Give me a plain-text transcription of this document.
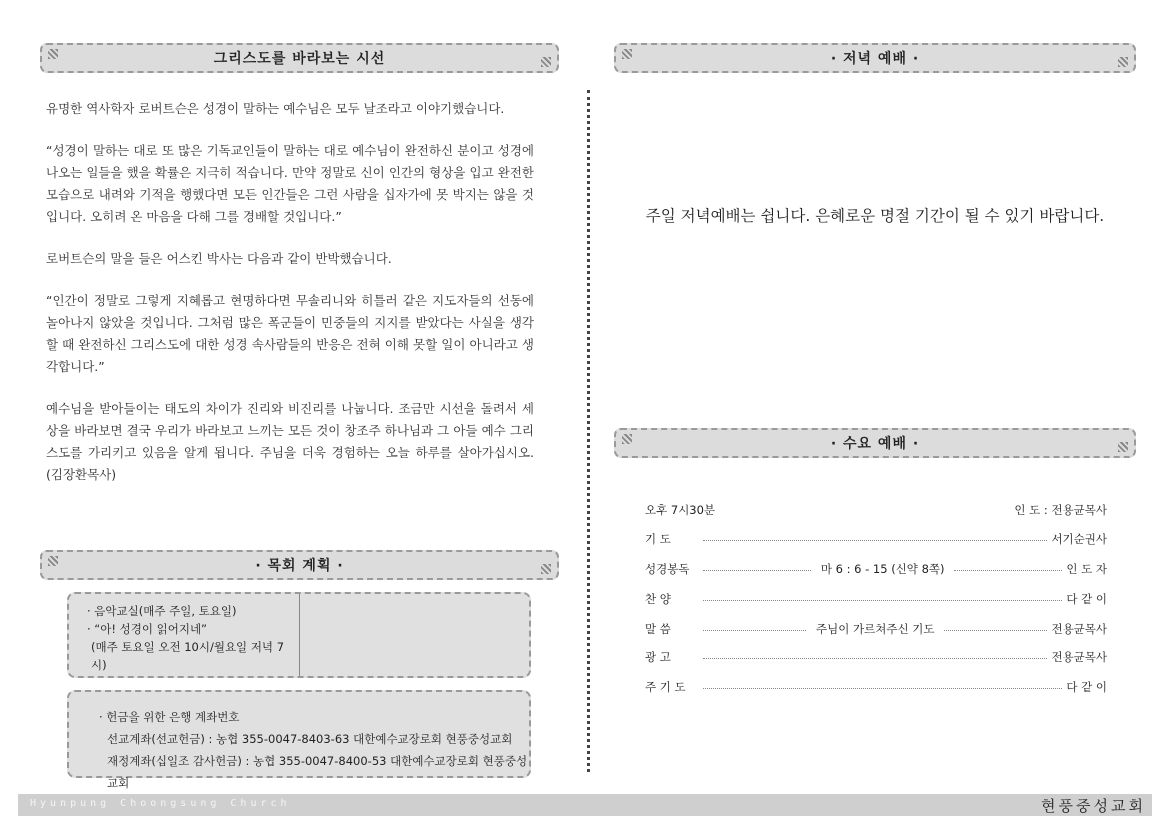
그리스도를 바라보는 시선

유명한 역사학자 로버트슨은 성경이 말하는 예수님은 모두 날조라고 이야기했습니다.

“성경이 말하는 대로 또 많은 기독교인들이 말하는 대로 예수님이 완전하신 분이고 성경에 나오는 일들을 했을 확률은 지극히 적습니다. 만약 정말로 신이 인간의 형상을 입고 완전한 모습으로 내려와 기적을 행했다면 모든 인간들은 그런 사람을 십자가에 못 박지는 않을 것입니다. 오히려 온 마음을 다해 그를 경배할 것입니다.”

로버트슨의 말을 들은 어스킨 박사는 다음과 같이 반박했습니다.

“인간이 정말로 그렇게 지혜롭고 현명하다면 무솔리니와 히틀러 같은 지도자들의 선동에 놀아나지 않았을 것입니다. 그처럼 많은 폭군들이 민중들의 지지를 받았다는 사실을 생각할 때 완전하신 그리스도에 대한 성경 속사람들의 반응은 전혀 이해 못할 일이 아니라고 생각합니다.”

예수님을 받아들이는 태도의 차이가 진리와 비진리를 나눕니다. 조금만 시선을 돌려서 세상을 바라보면 결국 우리가 바라보고 느끼는 모든 것이 창조주 하나님과 그 아들 예수 그리스도를 가리키고 있음을 알게 됩니다. 주님을 더욱 경험하는 오늘 하루를 살아가십시오. (김장환목사)

· 목회 계획 ·
· 음악교실(매주 주일, 토요일)
· “아! 성경이 읽어지네”
(매주 토요일 오전 10시/월요일 저녁 7시)
· 헌금을 위한 은행 계좌번호
선교계좌(선교헌금) : 농협 355-0047-8403-63 대한예수교장로회 현풍중성교회
재정계좌(십일조 감사헌금) : 농협 355-0047-8400-53 대한예수교장로회 현풍중성교회
· 저녁 예배 ·
주일 저녁예배는 쉽니다. 은혜로운 명절 기간이 될 수 있기 바랍니다.
· 수요 예배 ·
오후 7시30분	인 도 : 전용균목사
기 도	서기순권사
성경봉독	마 6 : 6 - 15 (신약 8쪽)	인 도 자
찬 양	다 같 이
말 씀	주님이 가르쳐주신 기도	전용균목사
광 고	전용균목사
주 기 도	다 같 이
Hyunpung Choongsung Church	현풍중성교회
